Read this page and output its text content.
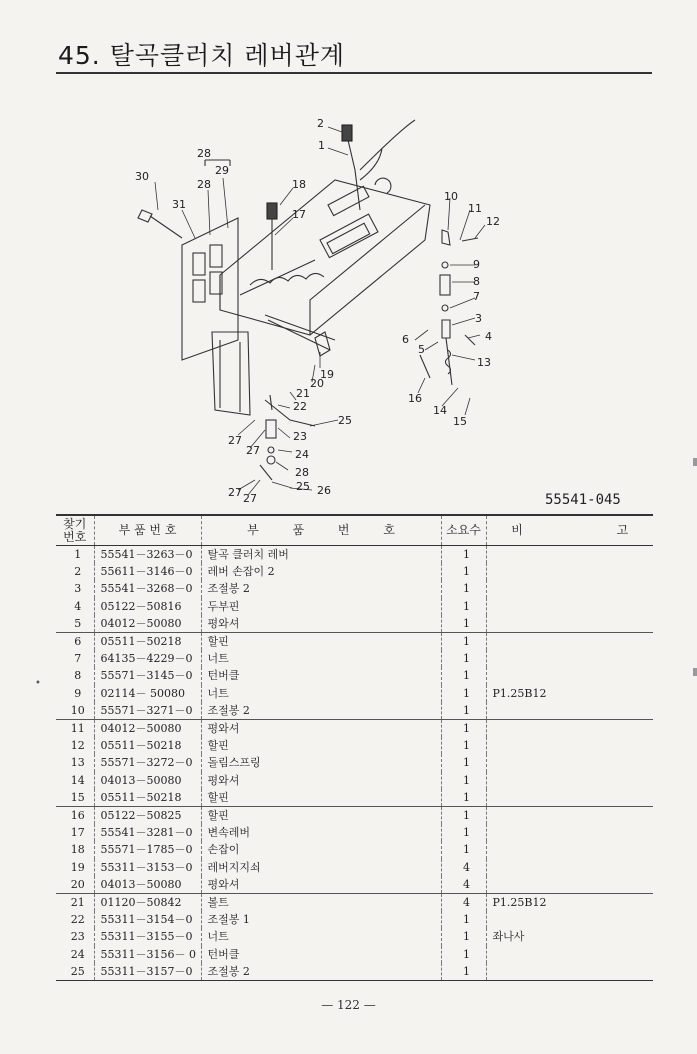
45. 탈곡클러치 레버관계
2
1
28
29
28
30
31
18
17
10
11
12
9
8
7
3
4
6
5
13
16
14
15
19
20
21
22
25
23
27
27	24
28
25 26
27 27	55541-045
찾기
번호	부 품 번 호	부 품 번 호	소요수	비 고
1	55541－3263－0	탈곡 클러치 레버	1	
2	55611－3146－0	레버 손잡이 2	1	
3	55541－3268－0	조절봉 2	1	
4	05122－50816	두부핀	1	
5	04012－50080	평와셔	1	
6	05511－50218	할핀	1	
7	64135－4229－0	너트	1	
8	55571－3145－0	턴버클	1	
9	02114－ 50080	너트	1	P1.25B12
10	55571－3271－0	조절봉 2	1	
11	04012－50080	평와셔	1	
12	05511－50218	할핀	1	
13	55571－3272－0	돌림스프링	1	
14	04013－50080	평와셔	1	
15	05511－50218	할핀	1	
16	05122－50825	할핀	1	
17	55541－3281－0	변속레버	1	
18	55571－1785－0	손잡이	1	
19	55311－3153－0	레버지지쇠	4	
20	04013－50080	평와셔	4	
21	01120－50842	볼트	4	P1.25B12
22	55311－3154－0	조절봉 1	1	
23	55311－3155－0	너트	1	좌나사
24	55311－3156－ 0	턴버클	1	
25	55311－3157－0	조절봉 2	1	
— 122 —
•
